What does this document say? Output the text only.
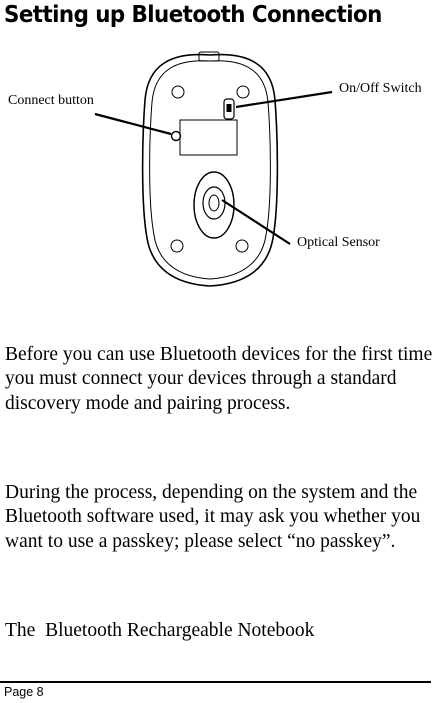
Setting up Bluetooth Connection
Connect button
On/Off Switch
Optical Sensor

Before you can use Bluetooth devices for the first time you must connect your devices through a standard discovery mode and pairing process.

During the process, depending on the system and the Bluetooth software used, it may ask you whether you want to use a passkey; please select “no passkey”.

The  Bluetooth Rechargeable Notebook

Page 8
